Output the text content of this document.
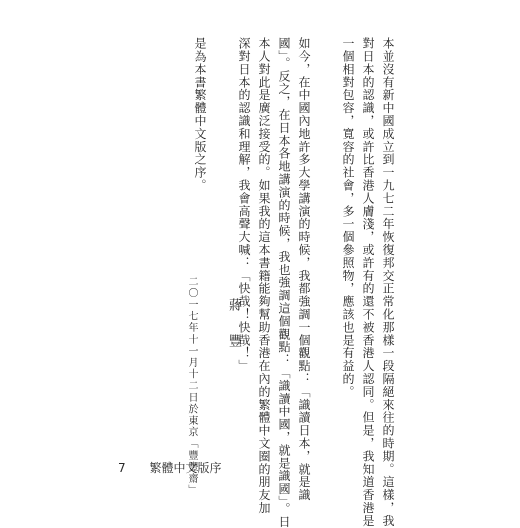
本並沒有新中國成立到一九七二年恢復邦交正常化那樣一段隔絕來往的時期。這樣，我
對日本的認識，或許比香港人膚淺，或許有的還不被香港人認同。但是，我知道香港是
一個相對包容，寬容的社會，多一個參照物，應該也是有益的。
如今，在中國內地許多大學講演的時候，我都強調一個觀點：「識讀日本，就是識
國」。反之，在日本各地講演的時候，我也強調這個觀點：「識讀中國，就是識國」。日
本人對此是廣泛接受的。如果我的這本書籍能夠幫助香港在內的繁體中文圈的朋友加
深對日本的認識和理解，我會高聲大喊：「快哉！快哉！」
是為本書繁體中文版之序。
蔣　豐
二〇一七年十一月十二日於東京「豐豐齋」
7 繁體中文版序
